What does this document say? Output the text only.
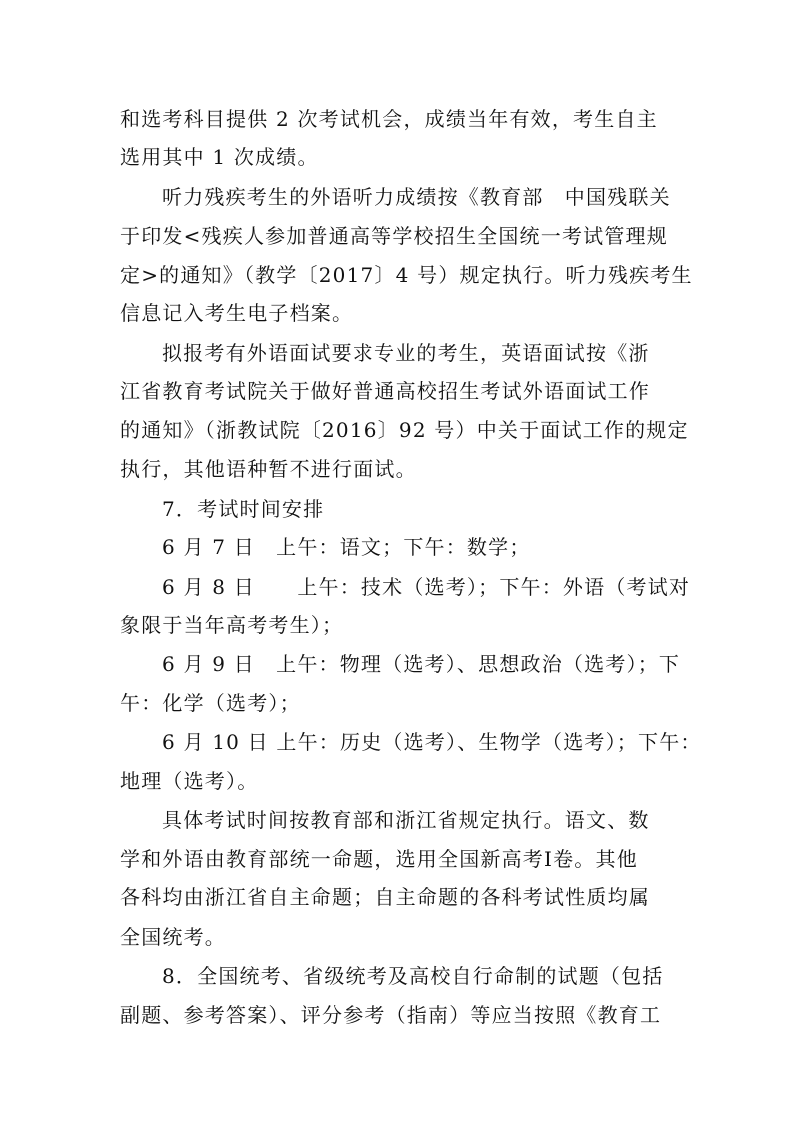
和选考科目提供 2 次考试机会，成绩当年有效，考生自主
选用其中 1 次成绩。
听力残疾考生的外语听力成绩按《教育部　中国残联关
于印发<残疾人参加普通高等学校招生全国统一考试管理规
定>的通知》（教学〔2017〕4 号）规定执行。听力残疾考生
信息记入考生电子档案。
拟报考有外语面试要求专业的考生，英语面试按《浙
江省教育考试院关于做好普通高校招生考试外语面试工作
的通知》（浙教试院〔2016〕92 号）中关于面试工作的规定
执行，其他语种暂不进行面试。
7．考试时间安排
6 月 7 日　上午：语文；下午：数学；
6 月 8 日　　上午：技术（选考）；下午：外语（考试对
象限于当年高考考生）；
6 月 9 日　上午：物理（选考）、思想政治（选考）；下
午：化学（选考）；
6 月 10 日 上午：历史（选考）、生物学（选考）；下午：
地理（选考）。
具体考试时间按教育部和浙江省规定执行。语文、数
学和外语由教育部统一命题，选用全国新高考Ⅰ卷。其他
各科均由浙江省自主命题；自主命题的各科考试性质均属
全国统考。
8．全国统考、省级统考及高校自行命制的试题（包括
副题、参考答案）、评分参考（指南）等应当按照《教育工
